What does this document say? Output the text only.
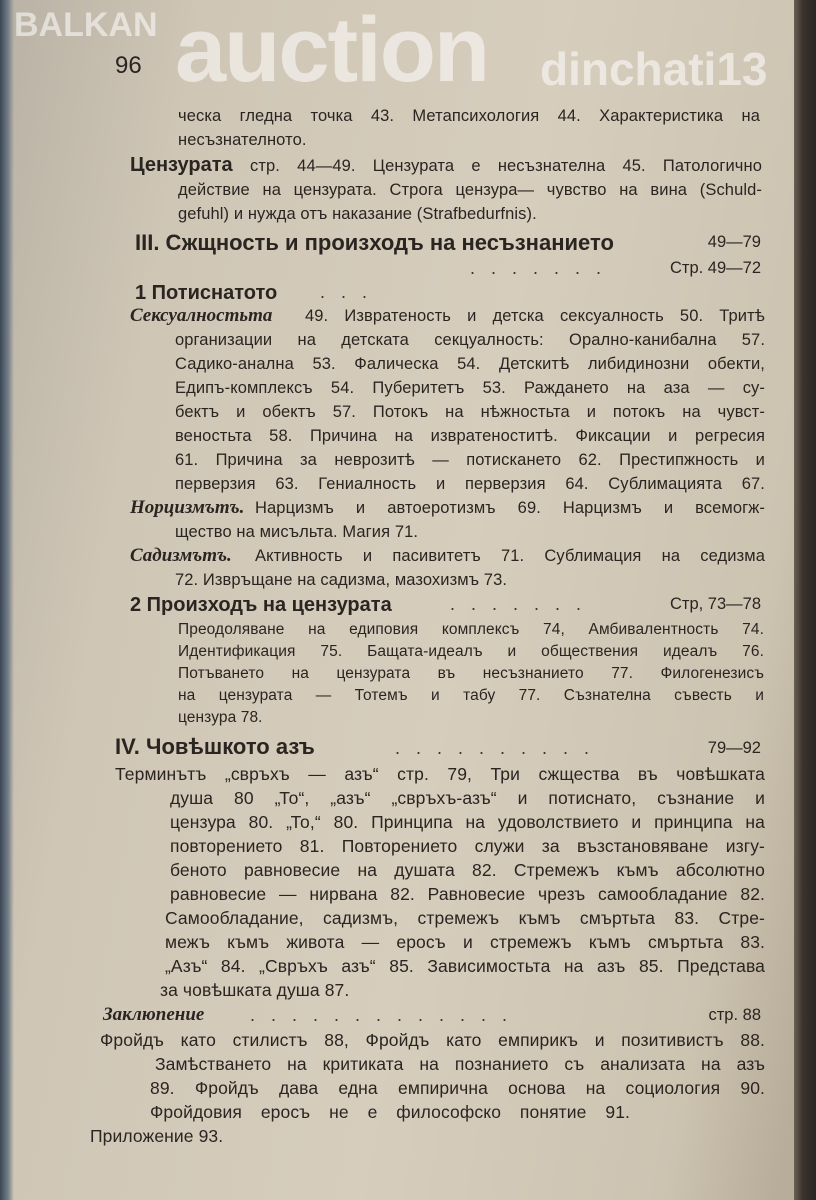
96
ческа гледна точка 43. Метапсихология 44. Характеристика на
несъзнателното.
Цензурата стр. 44—49. Цензурата е несъзнателна 45. Патологично
действие на цензурата. Строга цензура— чувство на вина (Schuld-
gefuhl) и нужда отъ наказание (Strafbedurfnis).
III. Сжщность и произходъ на несъзнанието	49—79
.......	Стр. 49—72
1 Потиснатото ...
Сексуалностьта 49. Извратеность и детска сексуалность 50. Тритѣ
организации на детската секцуалность: Орално-канибална 57.
Садико-анална 53. Фалическа 54. Детскитѣ либидинозни обекти,
Едипъ-комплексъ 54. Пуберитетъ 53. Раждането на аза — су-
бектъ и обектъ 57. Потокъ на нѣжностьта и потокъ на чувст-
веностьта 58. Причина на извратеноститѣ. Фиксации и регресия
61. Причина за неврозитѣ — потискането 62. Престипжность и
перверзия 63. Гениалность и перверзия 64. Сублимацията 67.
Норцизмътъ. Нарцизмъ и автоеротизмъ 69. Нарцизмъ и всемогж-
щество на мисъльта. Магия 71.
Садизмътъ. Активность и пасивитетъ 71. Сублимация на седизма
72. Извръщане на садизма, мазохизмъ 73.
2 Произходъ на цензурата	.......	Стр, 73—78
Преодоляване на едиповия комплексъ 74, Амбивалентность 74.
Идентификация 75. Бащата-идеалъ и обществения идеалъ 76.
Потъването на цензурата въ несъзнанието 77. Филогенезисъ
на цензурата — Тотемъ и табу 77. Съзнателна съвесть и
цензура 78.
IV. Човѣшкото азъ	..........	79—92
Терминътъ „свръхъ — азъ“ стр. 79, Три сжщества въ човѣшката
душа 80 „То“, „азъ“ „свръхъ-азъ“ и потиснато, съзнание и
цензура 80. „То,“ 80. Принципа на удоволствието и принципа на
повторението 81. Повторението служи за възстановяване изгу-
беното равновесие на душата 82. Стремежъ къмъ абсолютно
равновесие — нирвана 82. Равновесие чрезъ самообладание 82.
Самообладание, садизмъ, стремежъ къмъ смъртьта 83. Стре-
межъ къмъ живота — еросъ и стремежъ къмъ смъртьта 83.
„Азъ“ 84. „Свръхъ азъ“ 85. Зависимостьта на азъ 85. Представа
за човѣшката душа 87.
Заклюпение	.............	стр. 88
Фройдъ като стилистъ 88, Фройдъ като емпирикъ и позитивистъ 88.
Замѣстването на критиката на познанието съ анализата на азъ
89. Фройдъ дава една емпирична основа на социология 90.
Фройдовия еросъ не е философско понятие 91.
Приложение 93.
BALKAN auction dinchati13
